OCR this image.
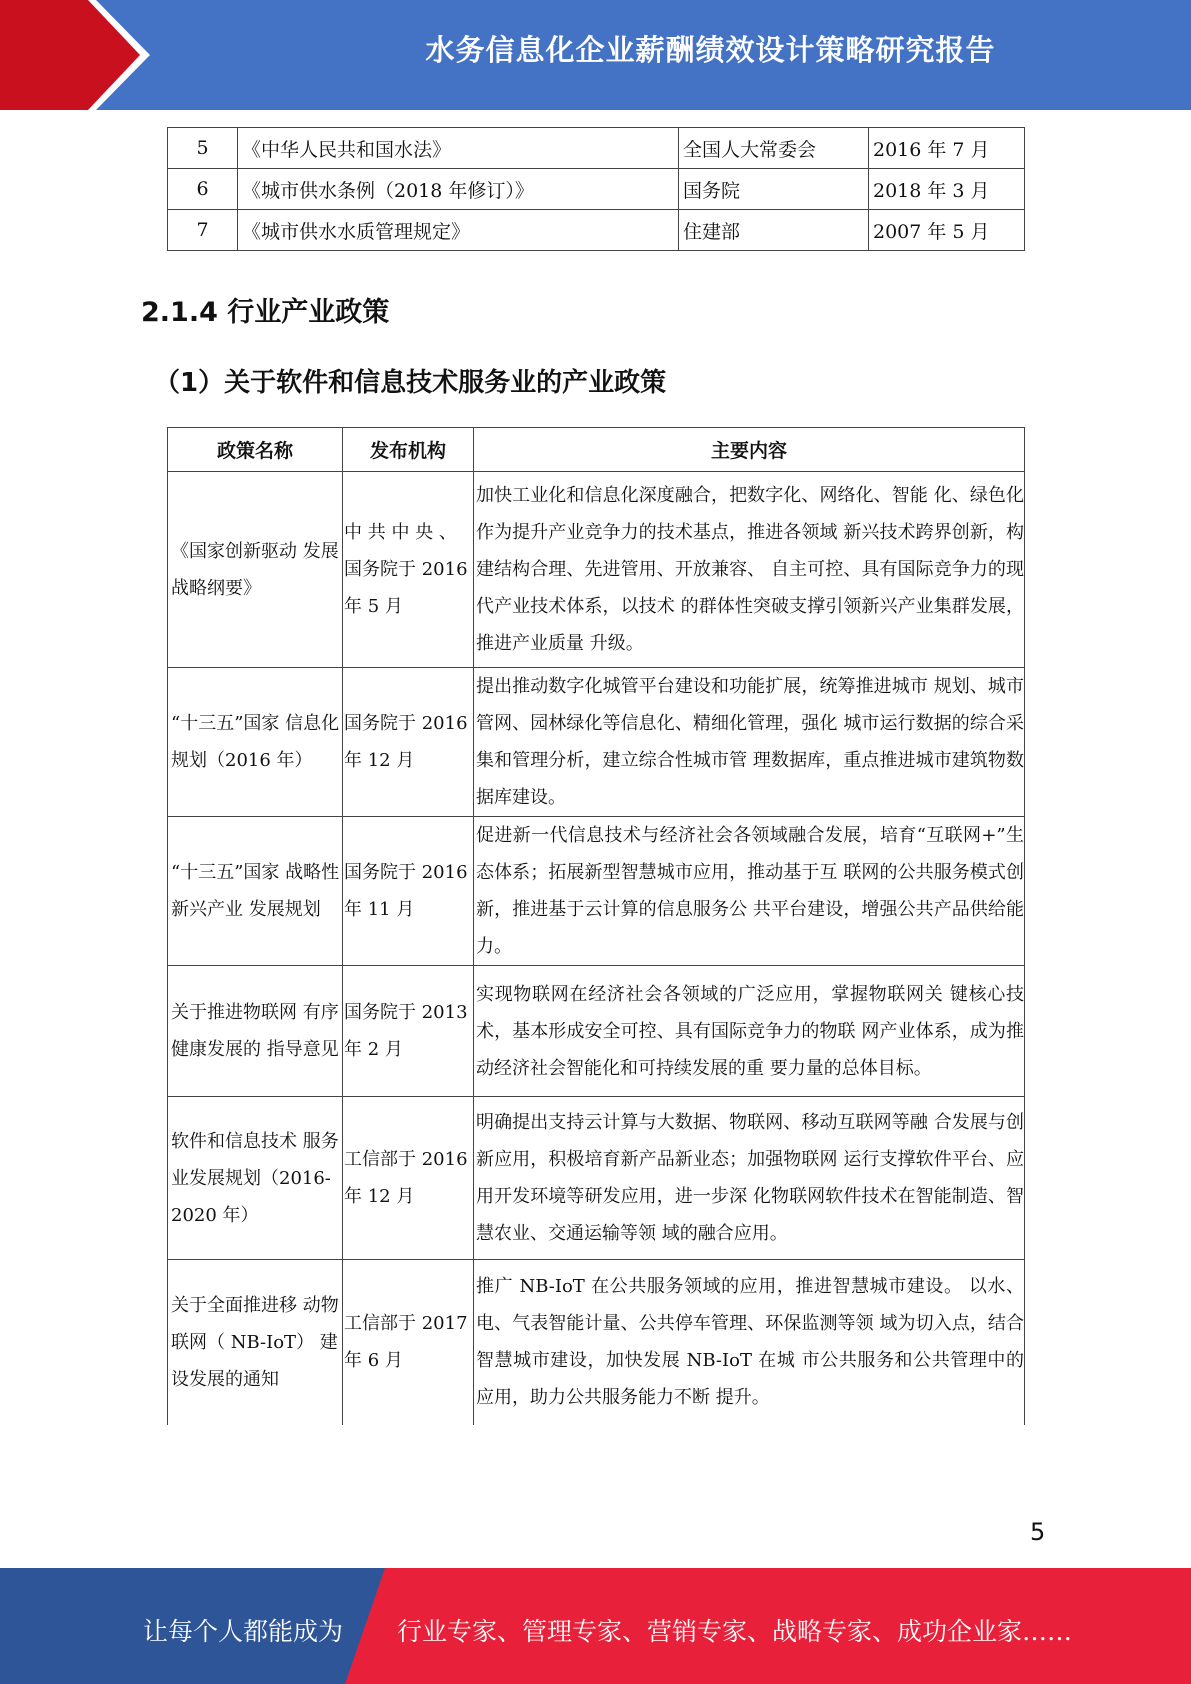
水务信息化企业薪酬绩效设计策略研究报告
5	《中华人民共和国水法》	全国人大常委会	2016 年 7 月
6	《城市供水条例（2018 年修订）》	国务院	2018 年 3 月
7	《城市供水水质管理规定》	住建部	2007 年 5 月
2.1.4 行业产业政策
（1）关于软件和信息技术服务业的产业政策
政策名称	发布机构	主要内容
《国家创新驱动 发展战略纲要》	中 共 中 央 、国务院于 2016 年 5 月	加快工业化和信息化深度融合，把数字化、网络化、智能 化、绿色化作为提升产业竞争力的技术基点，推进各领域 新兴技术跨界创新，构建结构合理、先进管用、开放兼容、 自主可控、具有国际竞争力的现代产业技术体系，以技术 的群体性突破支撑引领新兴产业集群发展，推进产业质量 升级。
“十三五”国家 信息化规划（2016 年）	国务院于 2016 年 12 月	提出推动数字化城管平台建设和功能扩展，统筹推进城市 规划、城市管网、园林绿化等信息化、精细化管理，强化 城市运行数据的综合采集和管理分析，建立综合性城市管 理数据库，重点推进城市建筑物数据库建设。
“十三五”国家 战略性新兴产业 发展规划	国务院于 2016 年 11 月	促进新一代信息技术与经济社会各领域融合发展，培育“互联网+”生态体系；拓展新型智慧城市应用，推动基于互 联网的公共服务模式创新，推进基于云计算的信息服务公 共平台建设，增强公共产品供给能力。
关于推进物联网 有序健康发展的 指导意见	国务院于 2013 年 2 月	实现物联网在经济社会各领域的广泛应用，掌握物联网关 键核心技术，基本形成安全可控、具有国际竞争力的物联 网产业体系，成为推动经济社会智能化和可持续发展的重 要力量的总体目标。
软件和信息技术 服务业发展规划（2016-2020 年）	工信部于 2016 年 12 月	明确提出支持云计算与大数据、物联网、移动互联网等融 合发展与创新应用，积极培育新产品新业态；加强物联网 运行支撑软件平台、应用开发环境等研发应用，进一步深 化物联网软件技术在智能制造、智慧农业、交通运输等领 域的融合应用。
关于全面推进移 动物联网（ NB-IoT） 建 设发展的通知	工信部于 2017 年 6 月	推广 NB-IoT 在公共服务领域的应用，推进智慧城市建设。 以水、电、气表智能计量、公共停车管理、环保监测等领 域为切入点，结合智慧城市建设，加快发展 NB-IoT 在城 市公共服务和公共管理中的应用，助力公共服务能力不断 提升。
5
让每个人都能成为 行业专家、管理专家、营销专家、战略专家、成功企业家……
